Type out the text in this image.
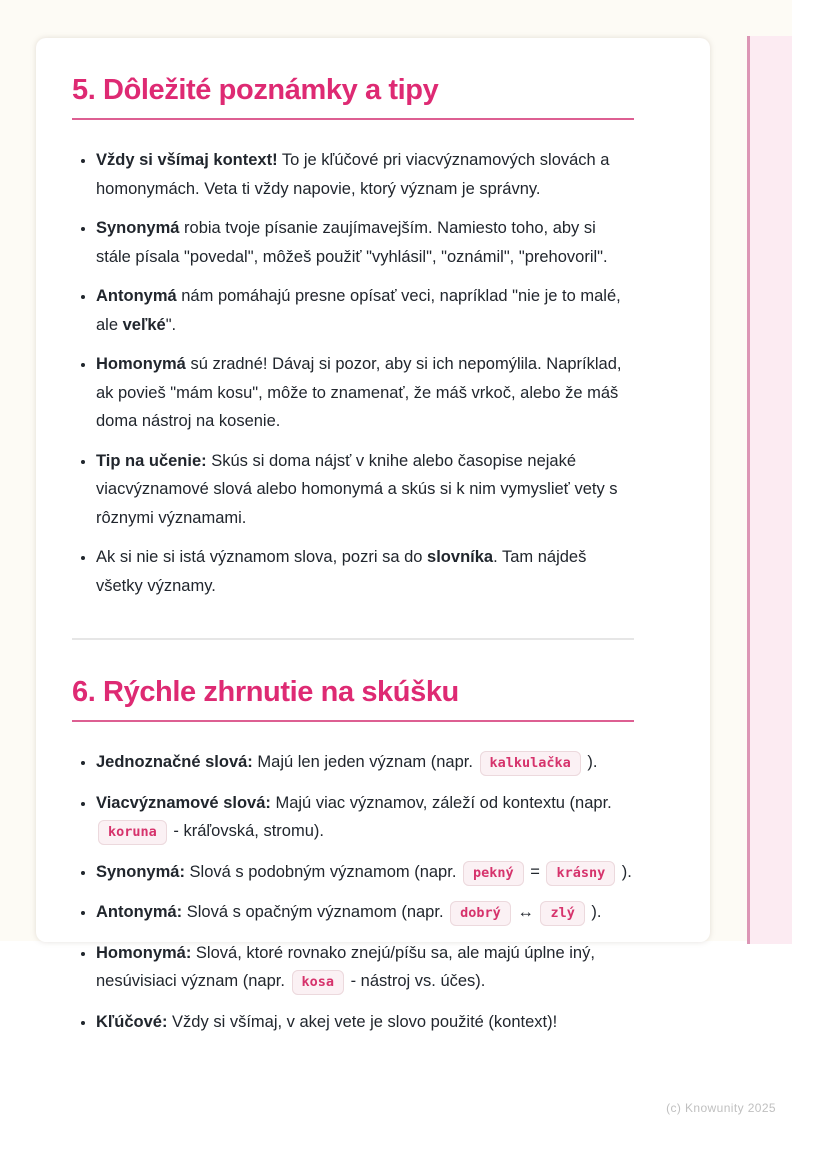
5. Dôležité poznámky a tipy
• Vždy si všímaj kontext! To je kľúčové pri viacvýznamových slovách a homonymách. Veta ti vždy napovie, ktorý význam je správny.
• Synonymá robia tvoje písanie zaujímavejším. Namiesto toho, aby si stále písala "povedal", môžeš použiť "vyhlásil", "oznámil", "prehovoril".
• Antonymá nám pomáhajú presne opísať veci, napríklad "nie je to malé, ale veľké".
• Homonymá sú zradné! Dávaj si pozor, aby si ich nepomýlila. Napríklad, ak povieš "mám kosu", môže to znamenať, že máš vrkoč, alebo že máš doma nástroj na kosenie.
• Tip na učenie: Skús si doma nájsť v knihe alebo časopise nejaké viacvýznamové slová alebo homonymá a skús si k nim vymyslieť vety s rôznymi významami.
• Ak si nie si istá významom slova, pozri sa do slovníka. Tam nájdeš všetky významy.
6. Rýchle zhrnutie na skúšku
• Jednoznačné slová: Majú len jeden význam (napr. kalkulačka ).
• Viacvýznamové slová: Majú viac významov, záleží od kontextu (napr. koruna - kráľovská, stromu).
• Synonymá: Slová s podobným významom (napr. pekný = krásny ).
• Antonymá: Slová s opačným významom (napr. dobrý ↔ zlý ).
• Homonymá: Slová, ktoré rovnako znejú/píšu sa, ale majú úplne iný, nesúvisiaci význam (napr. kosa - nástroj vs. účes).
• Kľúčové: Vždy si všímaj, v akej vete je slovo použité (kontext)!
(c) Knowunity 2025
